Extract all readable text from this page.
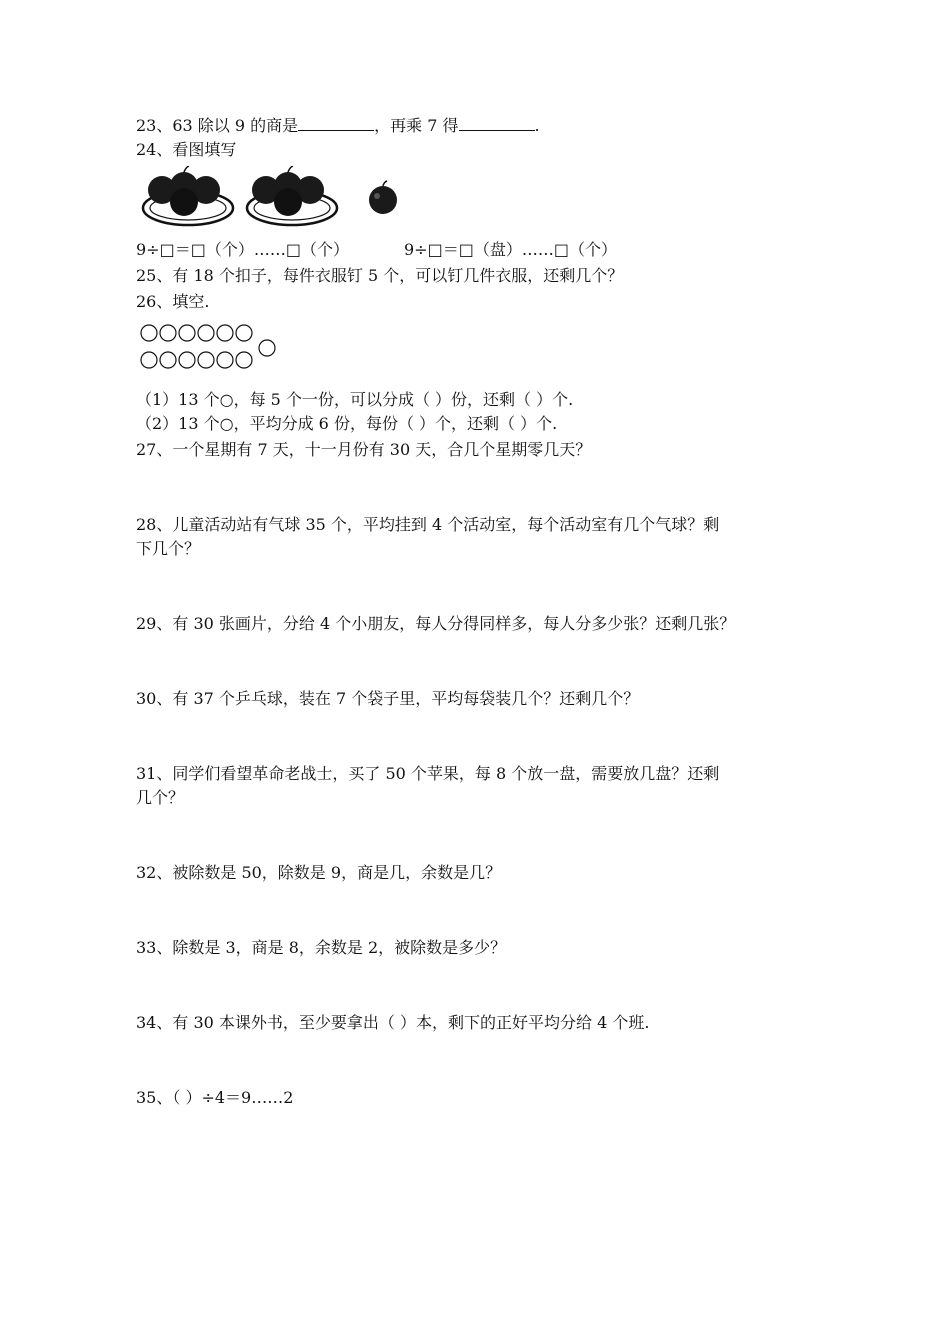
23、63 除以 9 的商是	，再乘 7 得	.
24、看图填写
9÷□＝□（个）……□（个）	9÷□＝□（盘）……□（个）
25、有 18 个扣子，每件衣服钉 5 个，可以钉几件衣服，还剩几个？
26、填空.
（1）13 个○，每 5 个一份，可以分成（ ）份，还剩（ ）个.
（2）13 个○，平均分成 6 份，每份（ ）个，还剩（ ）个.
27、一个星期有 7 天，十一月份有 30 天，合几个星期零几天？
28、儿童活动站有气球 35 个，平均挂到 4 个活动室，每个活动室有几个气球？剩
下几个？
29、有 30 张画片，分给 4 个小朋友，每人分得同样多，每人分多少张？还剩几张？
30、有 37 个乒乓球，装在 7 个袋子里，平均每袋装几个？还剩几个？
31、同学们看望革命老战士，买了 50 个苹果，每 8 个放一盘，需要放几盘？还剩
几个？
32、被除数是 50，除数是 9，商是几，余数是几？
33、除数是 3，商是 8，余数是 2，被除数是多少？
34、有 30 本课外书，至少要拿出（ ）本，剩下的正好平均分给 4 个班.
35、（ ）÷4＝9……2
